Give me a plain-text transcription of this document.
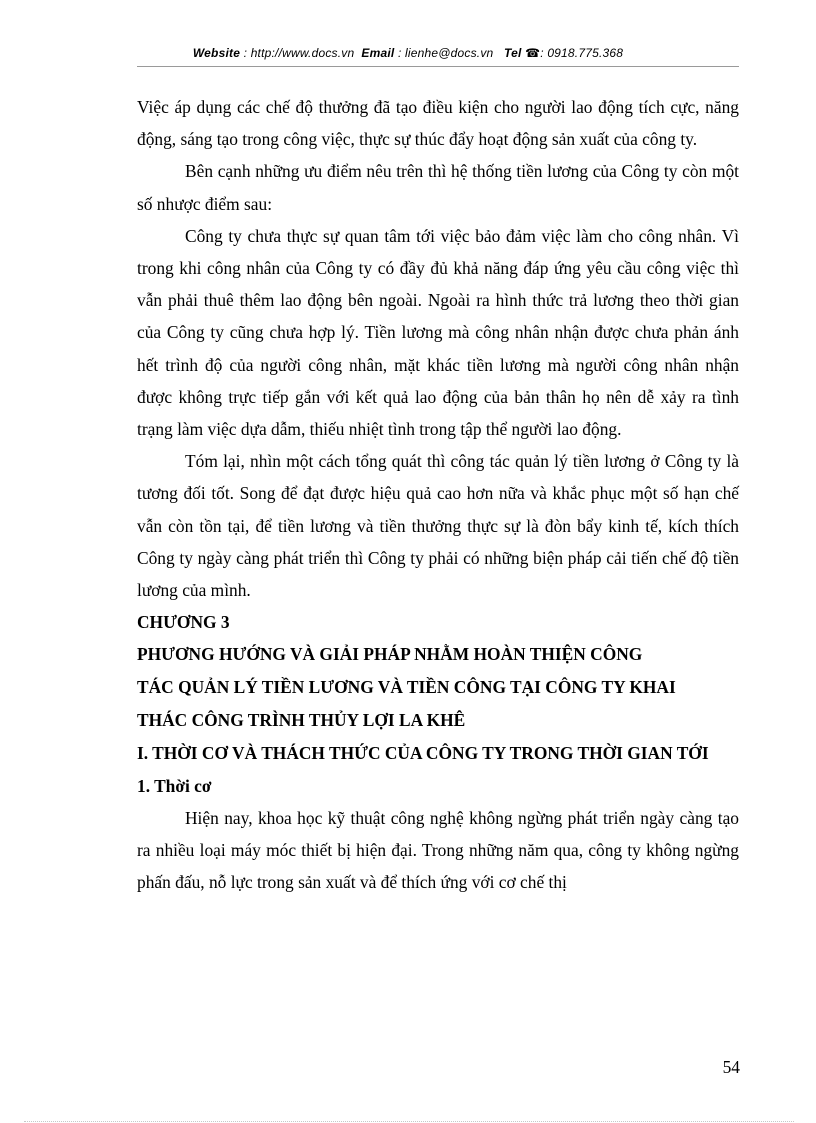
Website : http://www.docs.vn Email : lienhe@docs.vn Tel ☎: 0918.775.368

Việc áp dụng các chế độ thưởng đã tạo điều kiện cho người lao động tích cực, năng động, sáng tạo trong công việc, thực sự thúc đẩy hoạt động sản xuất của công ty.

Bên cạnh những ưu điểm nêu trên thì hệ thống tiền lương của Công ty còn một số nhược điểm sau:

Công ty chưa thực sự quan tâm tới việc bảo đảm việc làm cho công nhân. Vì trong khi công nhân của Công ty có đầy đủ khả năng đáp ứng yêu cầu công việc thì vẫn phải thuê thêm lao động bên ngoài. Ngoài ra hình thức trả lương theo thời gian của Công ty cũng chưa hợp lý. Tiền lương mà công nhân nhận được chưa phản ánh hết trình độ của người công nhân, mặt khác tiền lương mà người công nhân nhận được không trực tiếp gắn với kết quả lao động của bản thân họ nên dễ xảy ra tình trạng làm việc dựa dẫm, thiếu nhiệt tình trong tập thể người lao động.

Tóm lại, nhìn một cách tổng quát thì công tác quản lý tiền lương ở Công ty là tương đối tốt. Song để đạt được hiệu quả cao hơn nữa và khắc phục một số hạn chế vẫn còn tồn tại, để tiền lương và tiền thưởng thực sự là đòn bẩy kinh tế, kích thích Công ty ngày càng phát triển thì Công ty phải có những biện pháp cải tiến chế độ tiền lương của mình.

CHƯƠNG 3

PHƯƠNG HƯỚNG VÀ GIẢI PHÁP NHẰM HOÀN THIỆN CÔNG

TÁC QUẢN LÝ TIỀN LƯƠNG VÀ TIỀN CÔNG TẠI CÔNG TY KHAI

THÁC CÔNG TRÌNH THỦY LỢI LA KHÊ

I. THỜI CƠ VÀ THÁCH THỨC CỦA CÔNG TY TRONG THỜI GIAN TỚI

1. Thời cơ

Hiện nay, khoa học kỹ thuật công nghệ không ngừng phát triển ngày càng tạo ra nhiều loại máy móc thiết bị hiện đại. Trong những năm qua, công ty không ngừng phấn đấu, nỗ lực trong sản xuất và để thích ứng với cơ chế thị

54
